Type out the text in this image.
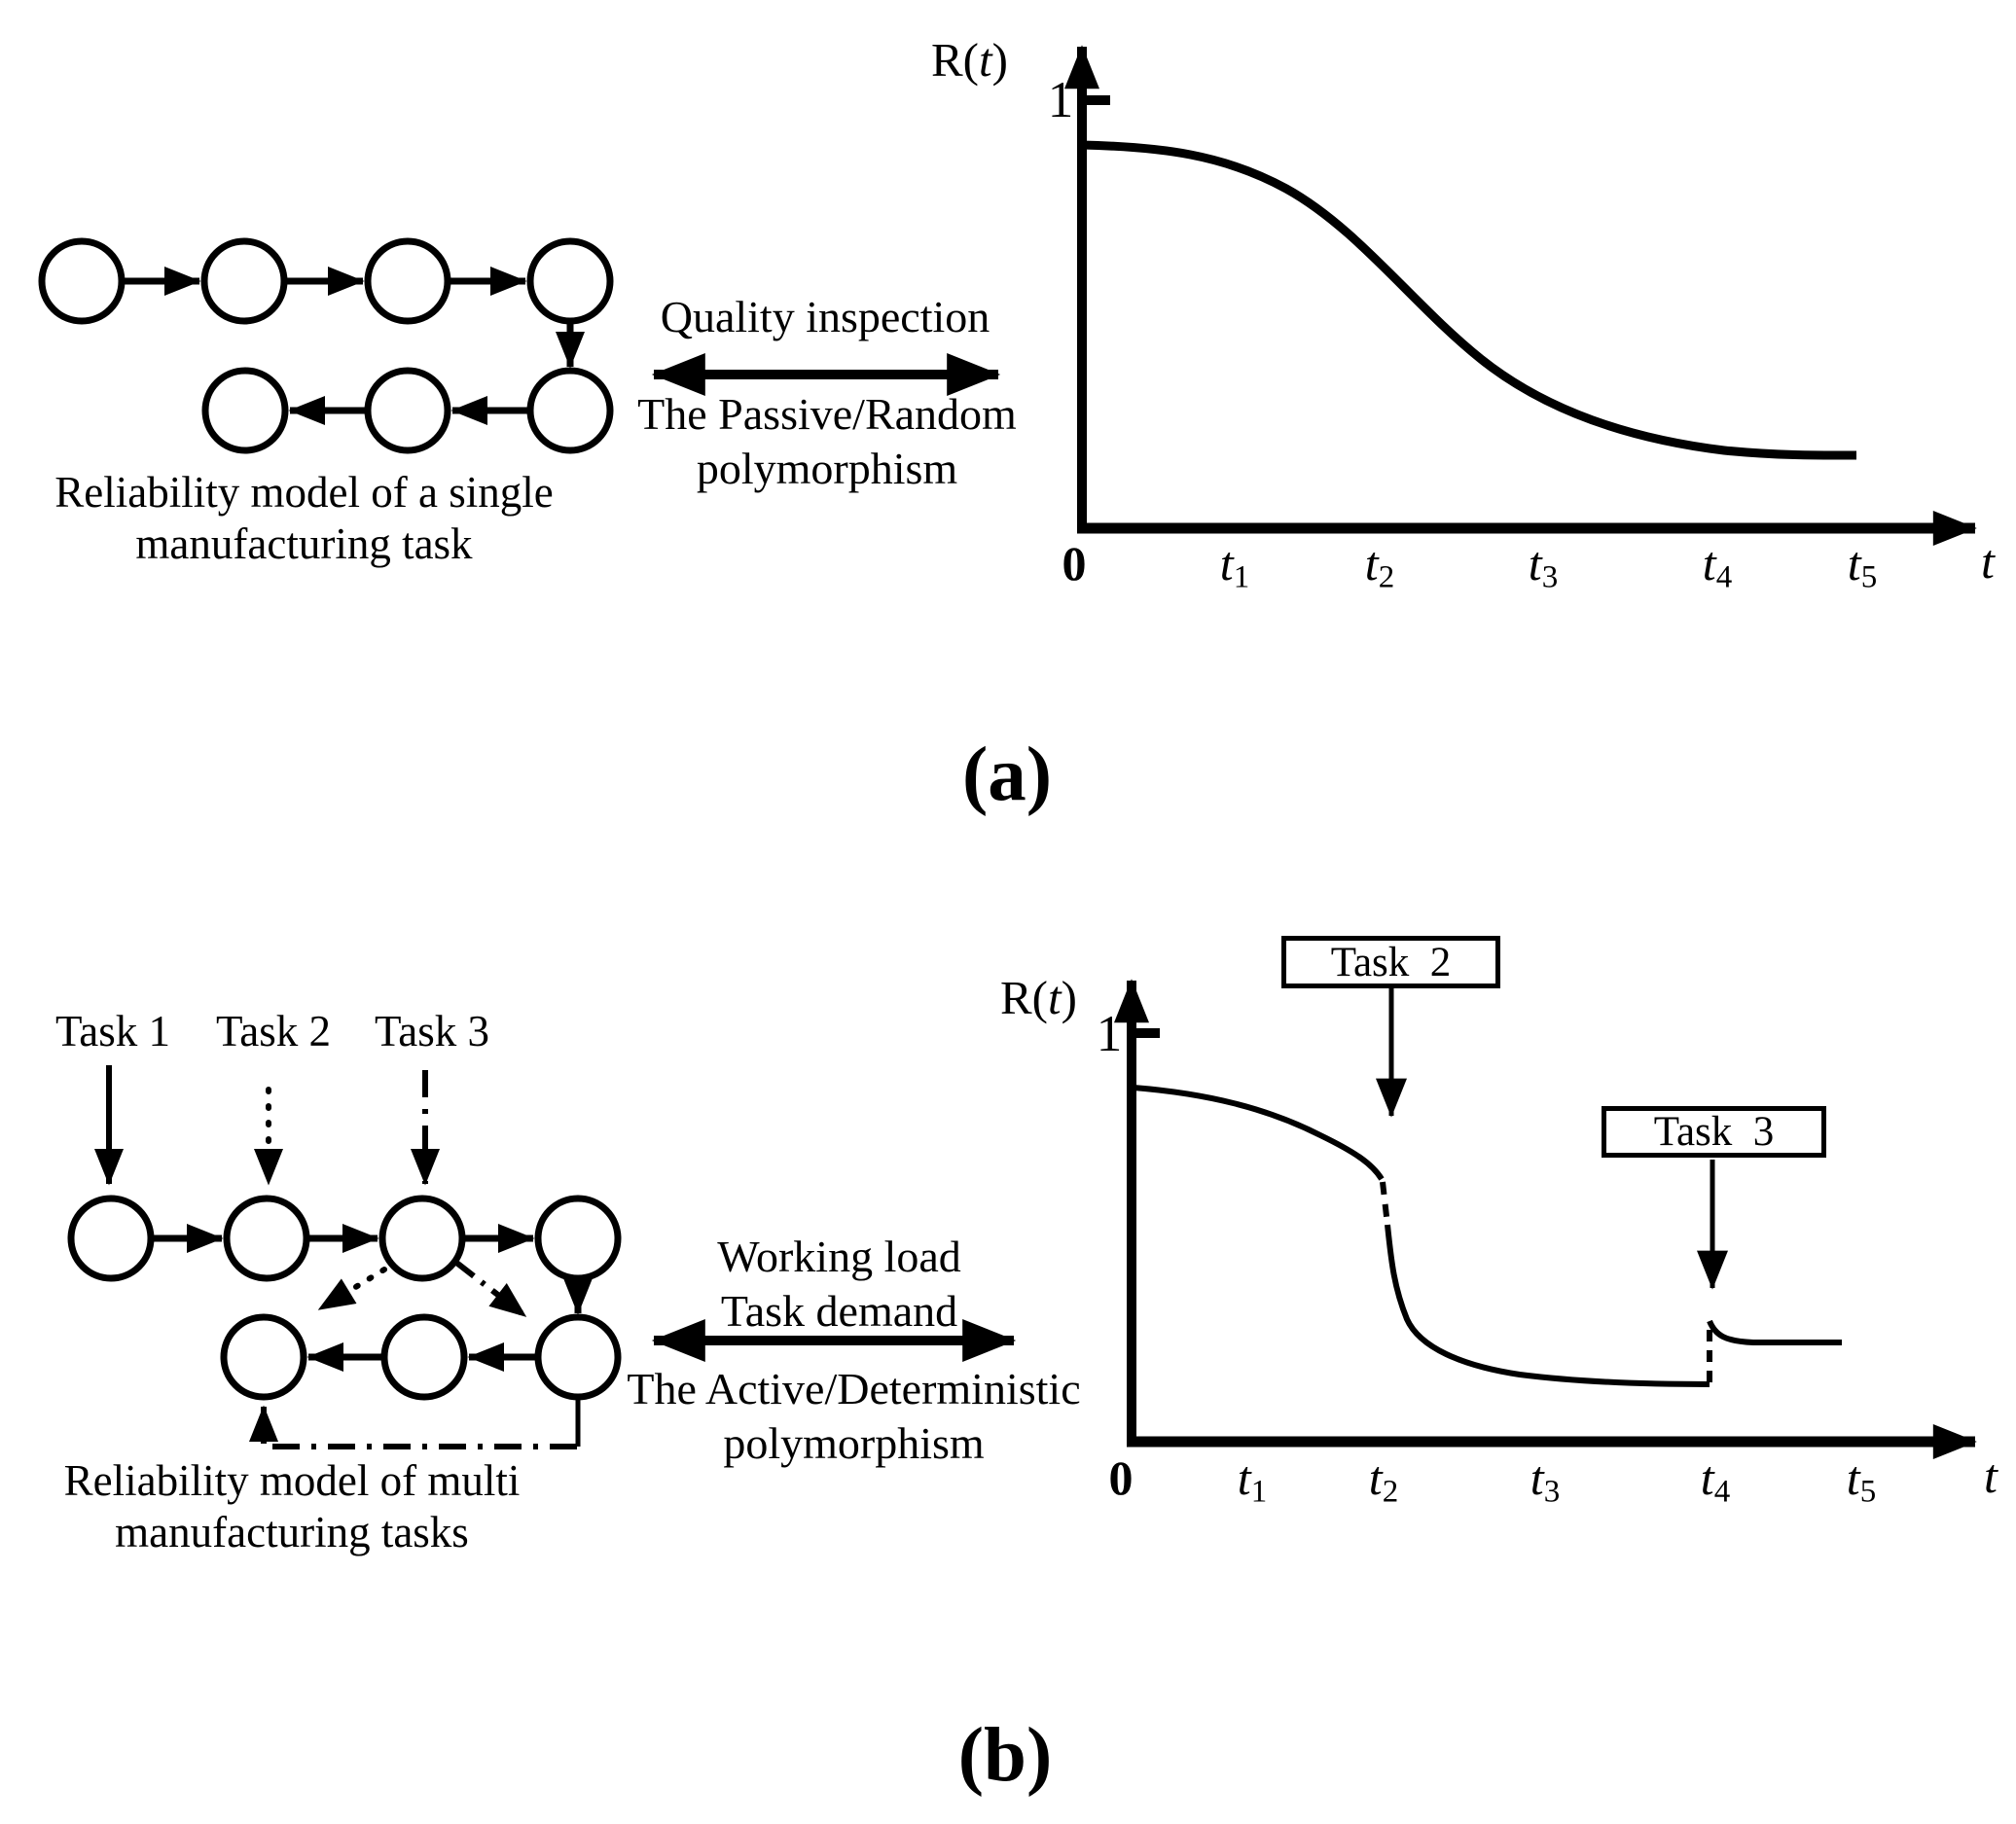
Reliability model of a single
manufacturing task
Quality inspection
The Passive/Random
polymorphism
R(t)
1
0	$t_1$ $t_2$	$t_3$	$t_4$ $t_5$ t
(a)
Task 1 Task 2 Task 3
Reliability model of multi
manufacturing tasks
Working load
Task demand
The Active/Deterministic
polymorphism
R(t)
1
Task  2
Task  3
0 $t_1$ $t_2$	$t_3$	$t_4$ $t_5$ t
(b)
